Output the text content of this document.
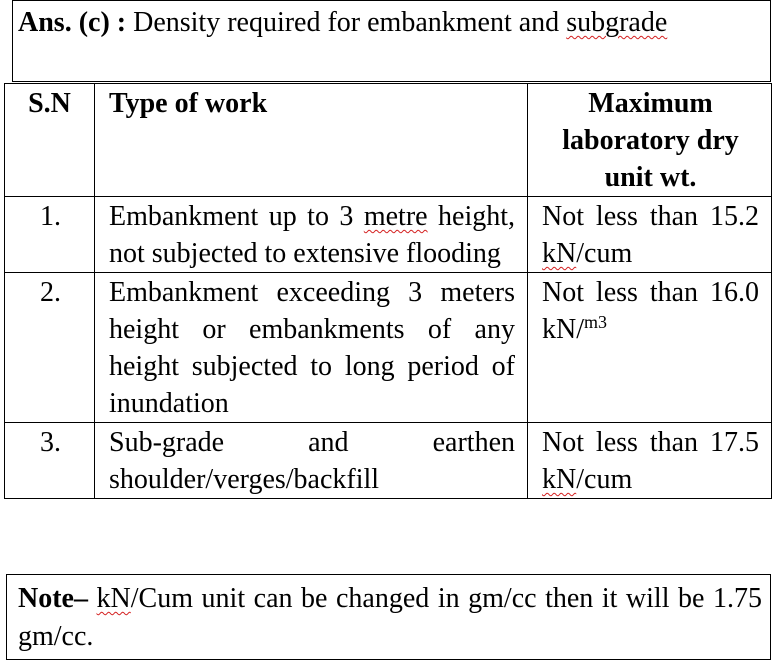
Ans. (c) : Density required for embankment and subgrade
S.N	Type of work	Maximum laboratory dry unit wt.
1.	Embankment up to 3 metre height, not subjected to extensive flooding	Not less than 15.2 kN/cum
2.	Embankment exceeding 3 meters height or embankments of any height subjected to long period of inundation	Not less than 16.0 kN/$^{m3}$
3.	Sub-grade and earthen shoulder/verges/backfill	Not less than 17.5 kN/cum
Note– kN/Cum unit can be changed in gm/cc then it will be 1.75 gm/cc.
